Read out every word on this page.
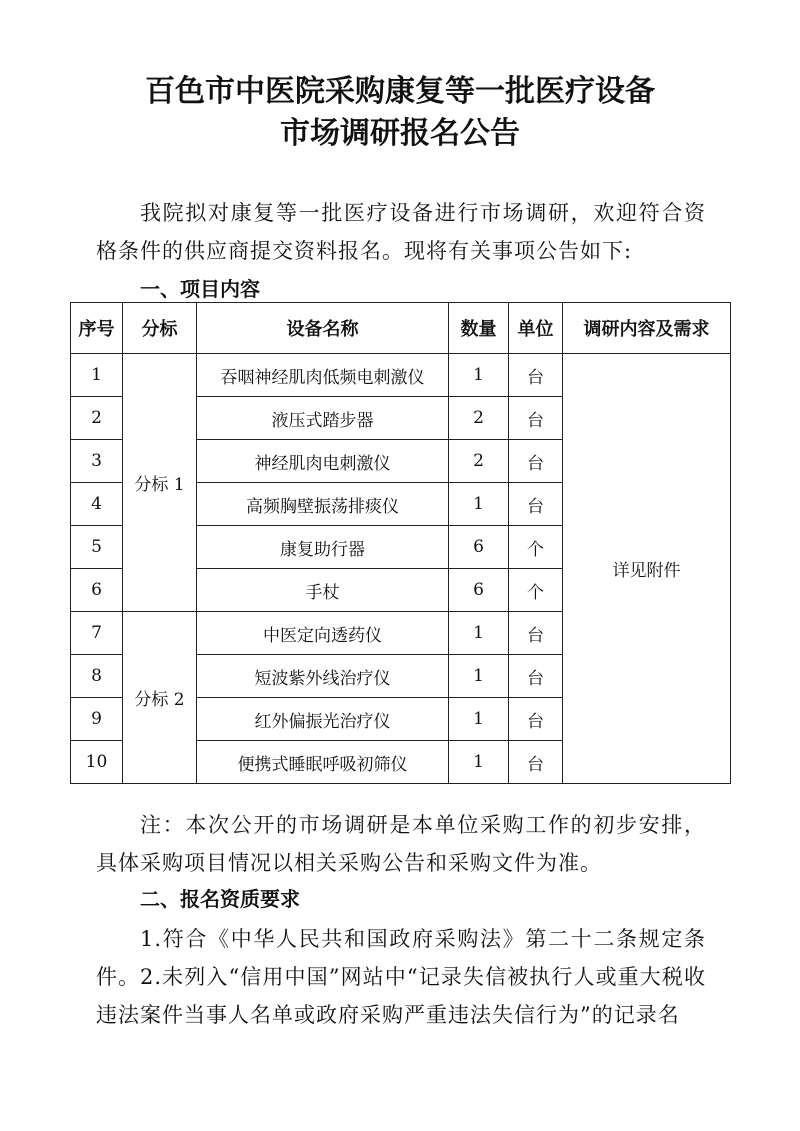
百色市中医院采购康复等一批医疗设备
市场调研报名公告
我院拟对康复等一批医疗设备进行市场调研，欢迎符合资格条件的供应商提交资料报名。现将有关事项公告如下:
一、项目内容
序号	分标	设备名称	数量	单位	调研内容及需求
1	分标 1	吞咽神经肌肉低频电刺激仪	1	台	详见附件
2		液压式踏步器	2	台	
3		神经肌肉电刺激仪	2	台	
4		高频胸壁振荡排痰仪	1	台	
5		康复助行器	6	个	
6		手杖	6	个	
7	分标 2	中医定向透药仪	1	台	
8		短波紫外线治疗仪	1	台	
9		红外偏振光治疗仪	1	台	
10		便携式睡眠呼吸初筛仪	1	台	
注：本次公开的市场调研是本单位采购工作的初步安排，具体采购项目情况以相关采购公告和采购文件为准。
二、报名资质要求
1.符合《中华人民共和国政府采购法》第二十二条规定条件。 2.未列入“信用中国”网站中“记录失信被执行人或重大税收违法案件当事人名单或政府采购严重违法失信行为”的记录名
